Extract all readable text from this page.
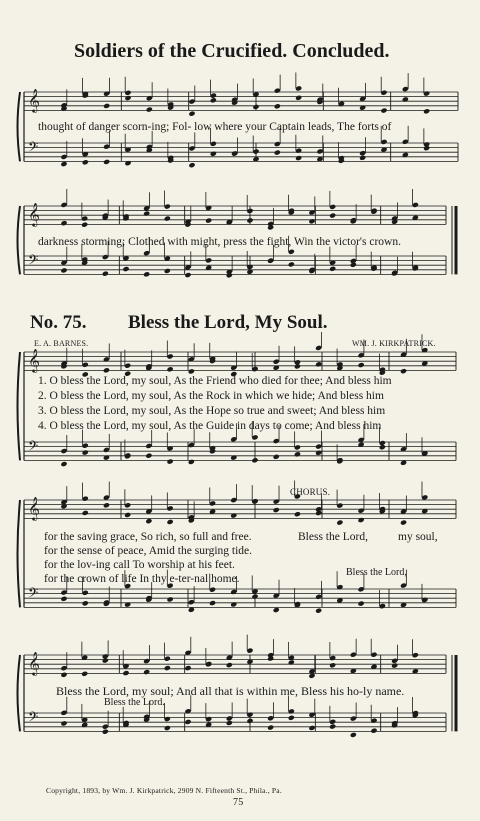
𝄞
𝄢
𝄞
𝄢
𝄞
𝄢
𝄞
𝄢
𝄞
𝄢
Soldiers of the Crucified. Concluded.
thought of danger scorn-ing; Fol- low where your Captain leads, The forts of
darkness storming; Clothed with might, press the fight, Win the victor's crown.
No. 75. Bless the Lord, My Soul.
E. A. BARNES.	WM. J. KIRKPATRICK.
1. O bless the Lord, my soul, As the Friend who died for thee; And bless him
2. O bless the Lord, my soul, As the Rock in which we hide; And bless him
3. O bless the Lord, my soul, As the Hope so true and sweet; And bless him
4. O bless the Lord, my soul, As the Guide in days to come; And bless him
CHORUS.
for the saving grace, So rich, so full and free.
for the sense of peace, Amid the surging tide.
for the lov-ing call To worship at his feet.
for the crown of life In thy e-ter-nal home.
Bless the Lord,	my soul,
Bless the Lord,
Bless the Lord, my soul; And all that is within me, Bless his ho-ly name.
Bless the Lord.
Copyright, 1893, by Wm. J. Kirkpatrick, 2909 N. Fifteenth St., Phila., Pa.
75
